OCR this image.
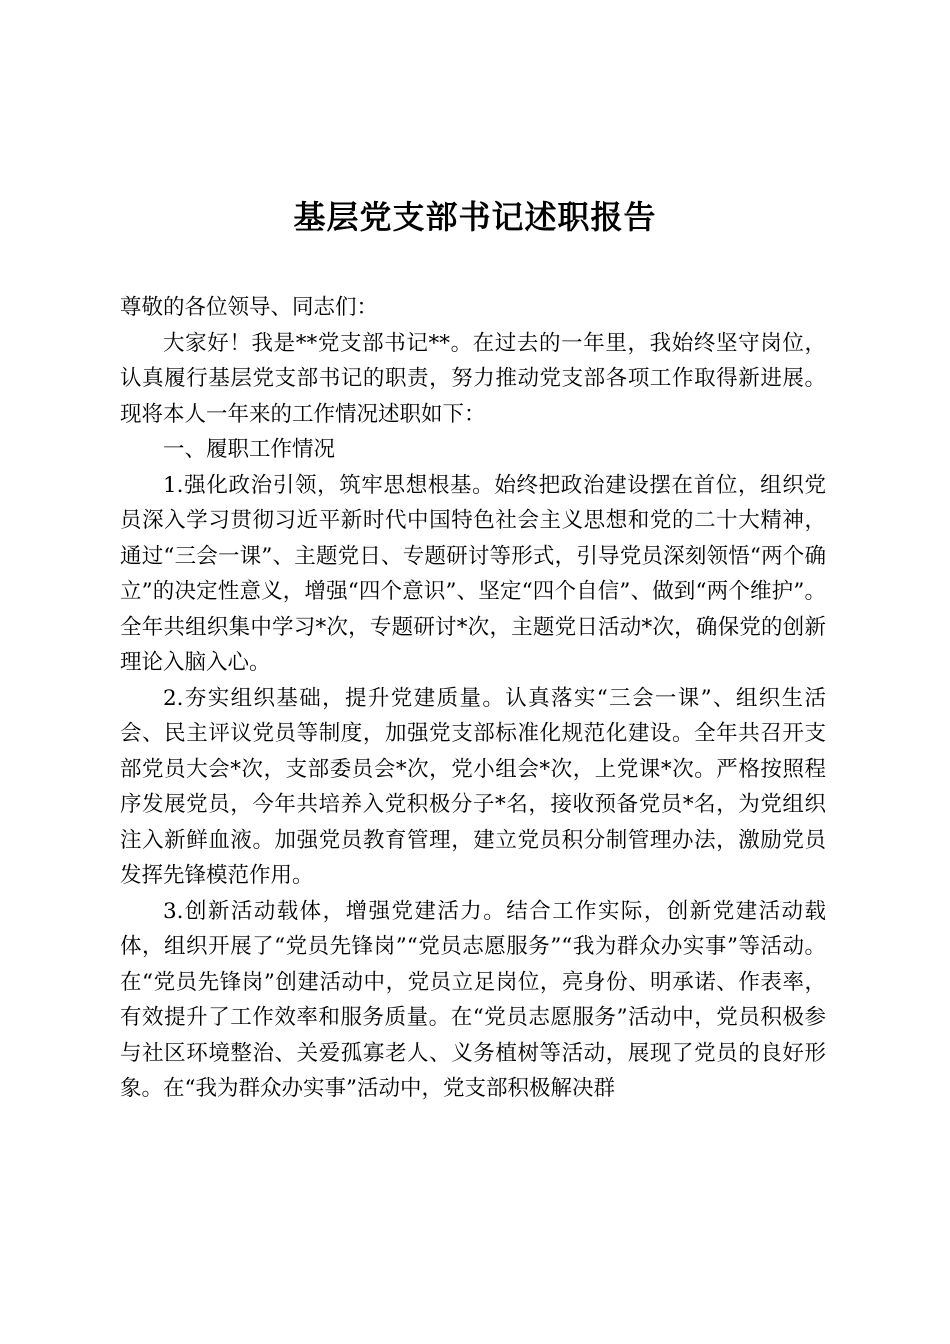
基层党支部书记述职报告

尊敬的各位领导、同志们：

大家好！我是**党支部书记**。在过去的一年里，我始终坚守岗位，认真履行基层党支部书记的职责，努力推动党支部各项工作取得新进展。现将本人一年来的工作情况述职如下：

一、履职工作情况

1.强化政治引领，筑牢思想根基。始终把政治建设摆在首位，组织党员深入学习贯彻习近平新时代中国特色社会主义思想和党的二十大精神，通过“三会一课”、主题党日、专题研讨等形式，引导党员深刻领悟“两个确立”的决定性意义，增强“四个意识”、坚定“四个自信”、做到“两个维护”。全年共组织集中学习*次，专题研讨*次，主题党日活动*次，确保党的创新理论入脑入心。

2.夯实组织基础，提升党建质量。认真落实“三会一课”、组织生活会、民主评议党员等制度，加强党支部标准化规范化建设。全年共召开支部党员大会*次，支部委员会*次，党小组会*次，上党课*次。严格按照程序发展党员，今年共培养入党积极分子*名，接收预备党员*名，为党组织注入新鲜血液。加强党员教育管理，建立党员积分制管理办法，激励党员发挥先锋模范作用。

3.创新活动载体，增强党建活力。结合工作实际，创新党建活动载体，组织开展了“党员先锋岗”“党员志愿服务”“我为群众办实事”等活动。在“党员先锋岗”创建活动中，党员立足岗位，亮身份、明承诺、作表率，有效提升了工作效率和服务质量。在“党员志愿服务”活动中，党员积极参与社区环境整治、关爱孤寡老人、义务植树等活动，展现了党员的良好形象。在“我为群众办实事”活动中，党支部积极解决群
